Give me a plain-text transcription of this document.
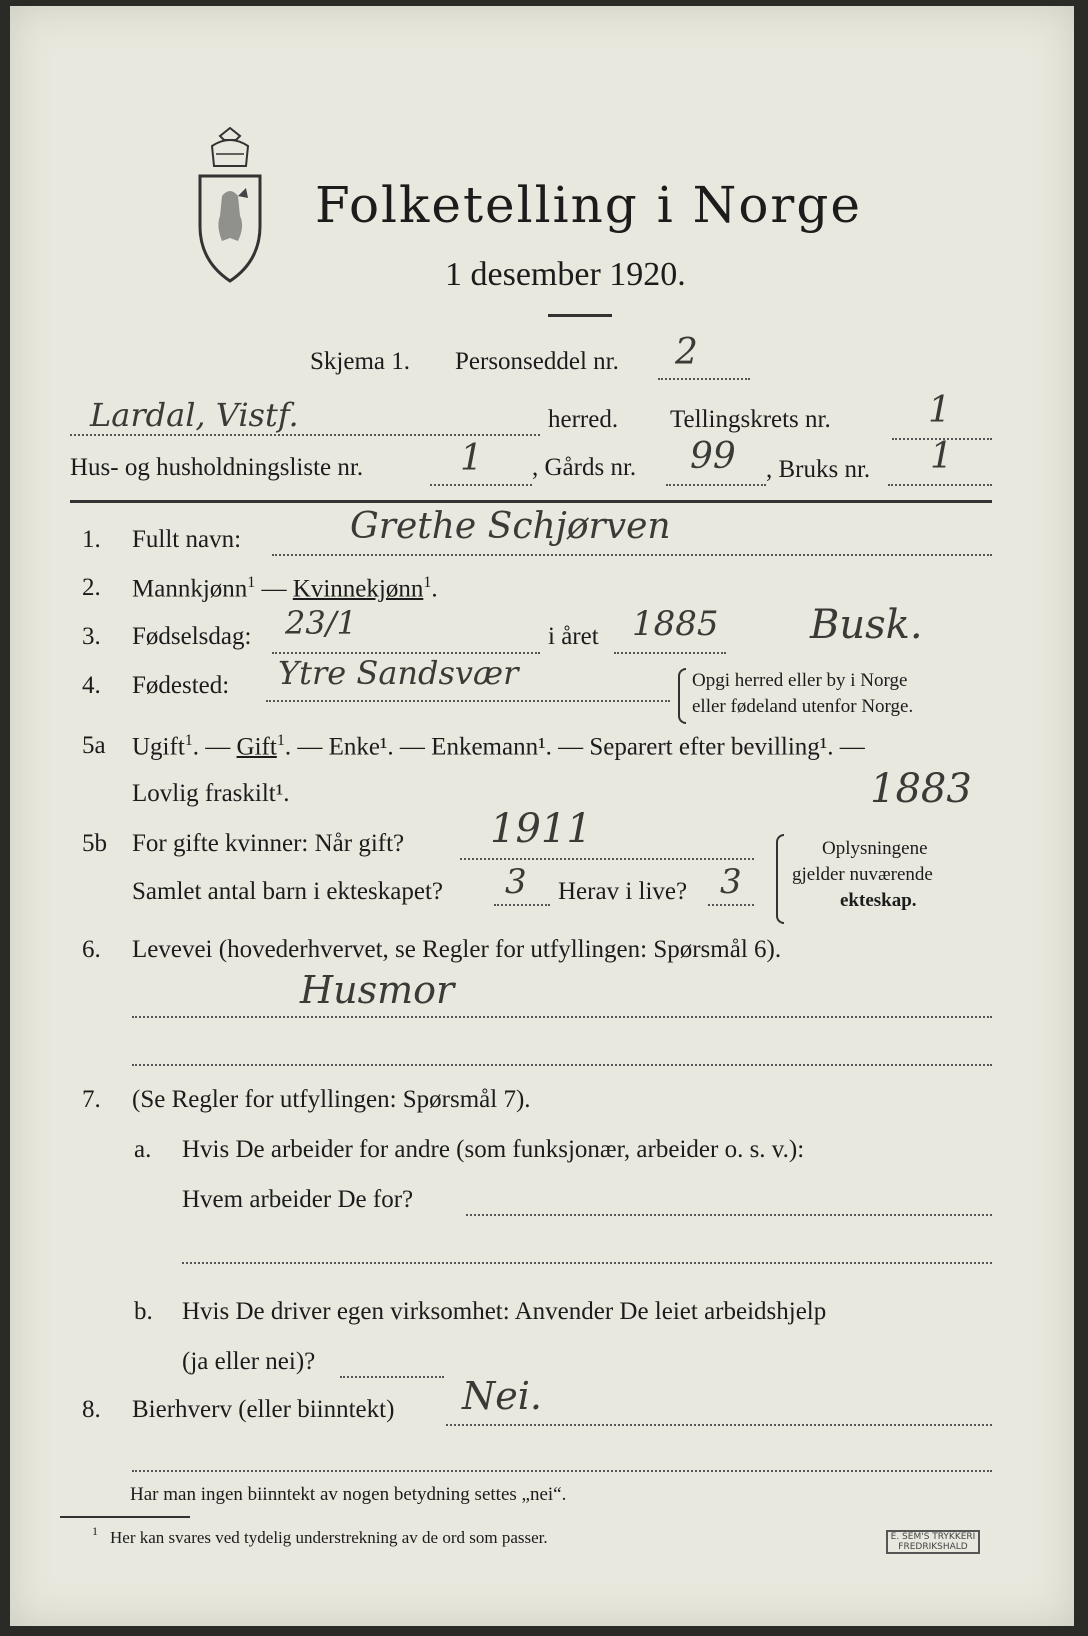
Folketelling i Norge
1 desember 1920.
Skjema 1. Personseddel nr. 2
Lardal, Vistf.	herred. Tellingskrets nr.	1
Hus- og husholdningsliste nr.	1 , Gårds nr. 99 , Bruks nr. 1
1. Fullt navn:	Grethe Schjørven
2. Mannkjønn$^1$ — Kvinnekjønn$^1$.
3. Fødselsdag: 23/1	i året 1885 Busk.
4. Fødested: Ytre Sandsvær	Opgi herred eller by i Norge
eller fødeland utenfor Norge.
5a Ugift$^1$. — Gift$^1$. — Enke¹. — Enkemann¹. — Separert efter bevilling¹. —
Lovlig fraskilt¹.	1883
5b For gifte kvinner: Når gift? 1911
Samlet antal barn i ekteskapet? 3 Herav i live? 3
Oplysningene
gjelder nuværende
ekteskap.
6. Levevei (hovederhvervet, se Regler for utfyllingen: Spørsmål 6).
Husmor
7. (Se Regler for utfyllingen: Spørsmål 7).
a. Hvis De arbeider for andre (som funksjonær, arbeider o. s. v.):
Hvem arbeider De for?
b. Hvis De driver egen virksomhet: Anvender De leiet arbeidshjelp
(ja eller nei)?
8. Bierhverv (eller biinntekt) Nei.
Har man ingen biinntekt av nogen betydning settes „nei“.
1 Her kan svares ved tydelig understrekning av de ord som passer.	E. SEM'S TRYKKERI FREDRIKSHALD
